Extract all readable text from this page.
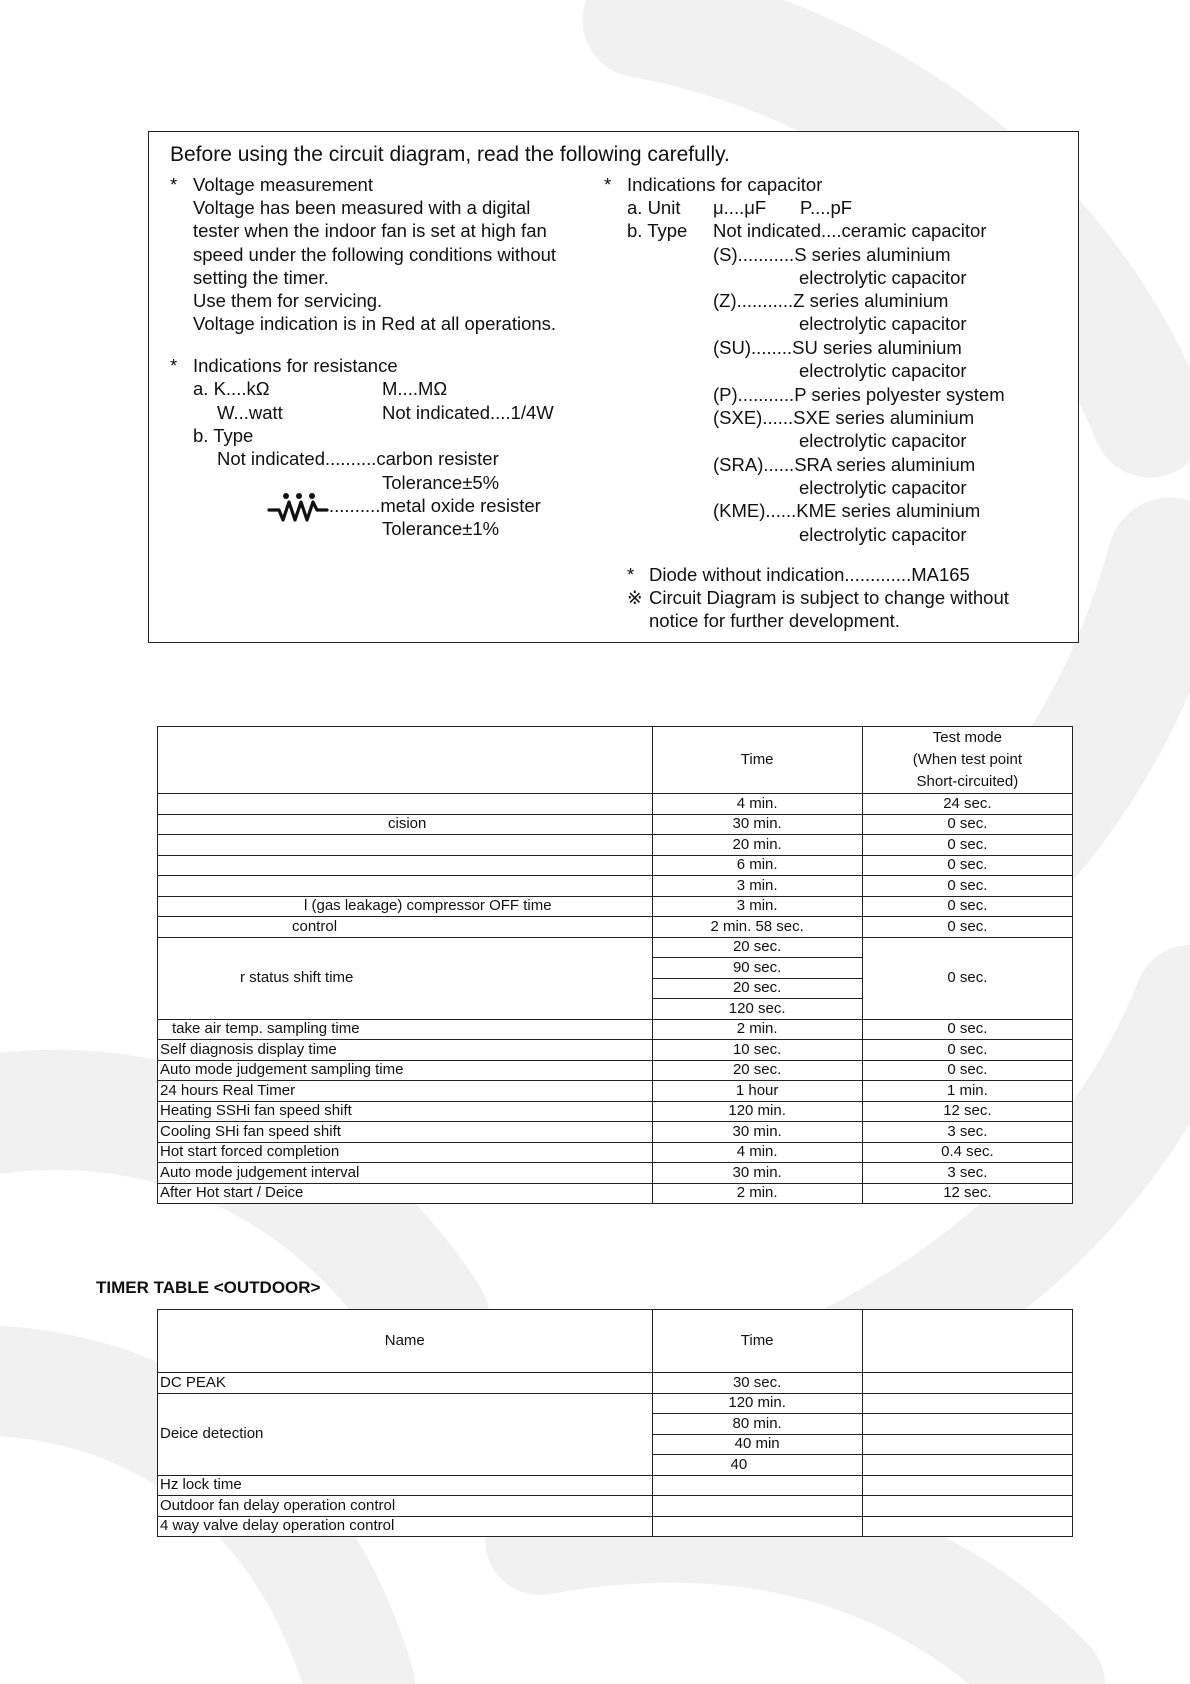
Before using the circuit diagram, read the following carefully.
* Voltage measurement
Voltage has been measured with a digital
tester when the indoor fan is set at high fan
speed under the following conditions without
setting the timer.
Use them for servicing.
Voltage indication is in Red at all operations.
* Indications for resistance
a. K....kΩ	M....MΩ
W...watt	Not indicated....1/4W
b. Type
Not indicated..........carbon resister
Tolerance±5%
..........metal oxide resister
Tolerance±1%
* Indications for capacitor
a. Unit μ....μF P....pF
b. Type Not indicated....ceramic capacitor
(S)...........S series aluminium
electrolytic capacitor
(Z)...........Z series aluminium
electrolytic capacitor
(SU)........SU series aluminium
electrolytic capacitor
(P)...........P series polyester system
(SXE)......SXE series aluminium
electrolytic capacitor
(SRA)......SRA series aluminium
electrolytic capacitor
(KME)......KME series aluminium
electrolytic capacitor
* Diode without indication.............MA165
※ Circuit Diagram is subject to change without
notice for further development.
	Time	Test mode
(When test point
Short-circuited)

	4 min.	24 sec.
cision	30 min.	0 sec.
	20 min.	0 sec.
	6 min.	0 sec.
	3 min.	0 sec.
l (gas leakage) compressor OFF time	3 min.	0 sec.
control	2 min. 58 sec.	0 sec.
r status shift time	20 sec.	0 sec.
	90 sec.	
	20 sec.	
	120 sec.	
take air temp. sampling time	2 min.	0 sec.
Self diagnosis display time	10 sec.	0 sec.
Auto mode judgement sampling time	20 sec.	0 sec.
24 hours Real Timer	1 hour	1 min.
Heating SSHi fan speed shift	120 min.	12 sec.
Cooling SHi fan speed shift	30 min.	3 sec.
Hot start forced completion	4 min.	0.4 sec.
Auto mode judgement interval	30 min.	3 sec.
After Hot start / Deice	2 min.	12 sec.
TIMER TABLE <OUTDOOR>
Name	Time	
DC PEAK	30 sec.	
Deice detection	120 min.	
	80 min.	
	40 min	
	40	
Hz lock time		
Outdoor fan delay operation control		
4 way valve delay operation control		
